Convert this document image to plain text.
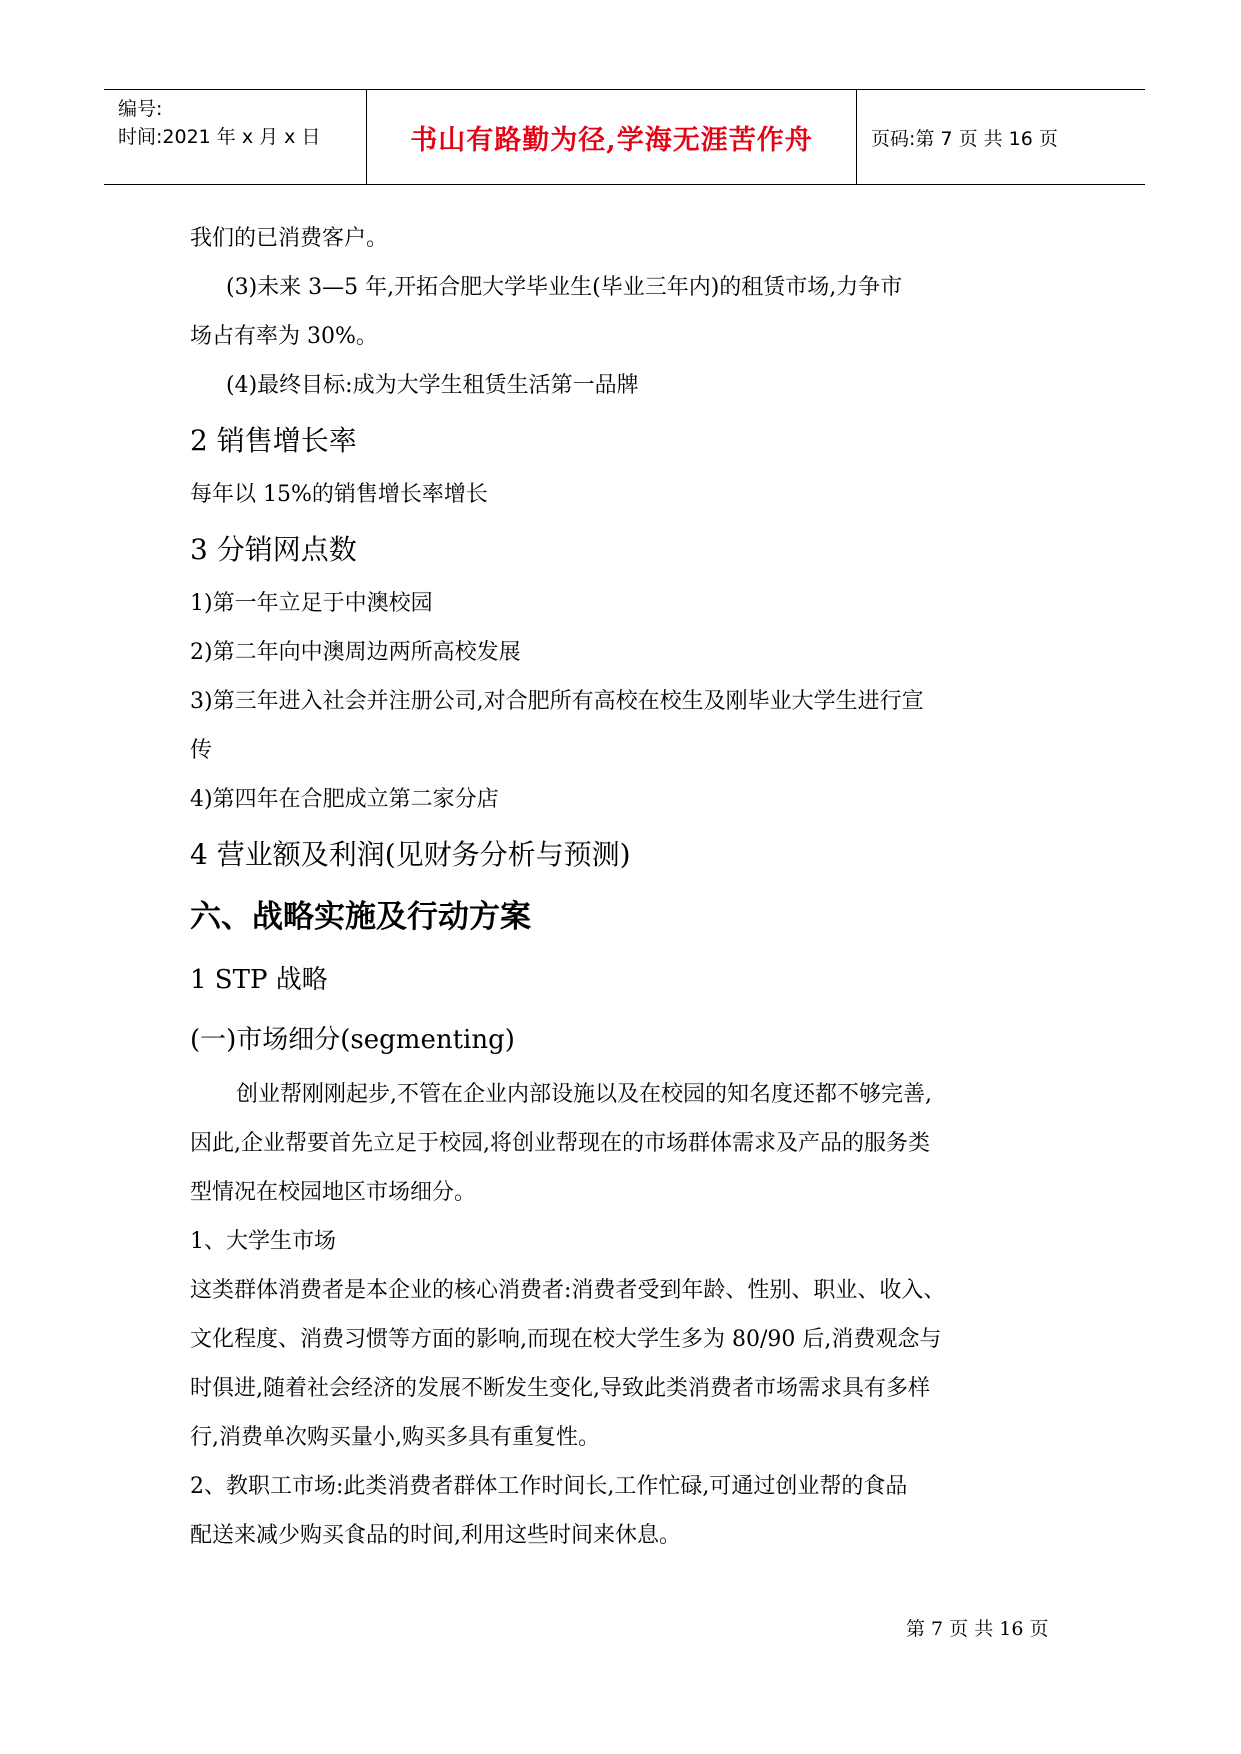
编号:
时间:2021 年 x 月 x 日	书山有路勤为径,学海无涯苦作舟	页码:第 7 页 共 16 页
我们的已消费客户。
(3)未来 3—5 年,开拓合肥大学毕业生(毕业三年内)的租赁市场,力争市
场占有率为 30%。
(4)最终目标:成为大学生租赁生活第一品牌
2 销售增长率
每年以 15%的销售增长率增长
3 分销网点数
1)第一年立足于中澳校园
2)第二年向中澳周边两所高校发展
3)第三年进入社会并注册公司,对合肥所有高校在校生及刚毕业大学生进行宣
传
4)第四年在合肥成立第二家分店
4 营业额及利润(见财务分析与预测)
六、战略实施及行动方案
1 STP 战略
(一)市场细分(segmenting)
创业帮刚刚起步,不管在企业内部设施以及在校园的知名度还都不够完善,
因此,企业帮要首先立足于校园,将创业帮现在的市场群体需求及产品的服务类
型情况在校园地区市场细分。
1、大学生市场
这类群体消费者是本企业的核心消费者:消费者受到年龄、性别、职业、收入、
文化程度、消费习惯等方面的影响,而现在校大学生多为 80/90 后,消费观念与
时俱进,随着社会经济的发展不断发生变化,导致此类消费者市场需求具有多样
行,消费单次购买量小,购买多具有重复性。
2、教职工市场:此类消费者群体工作时间长,工作忙碌,可通过创业帮的食品
配送来减少购买食品的时间,利用这些时间来休息。
第 7 页 共 16 页
